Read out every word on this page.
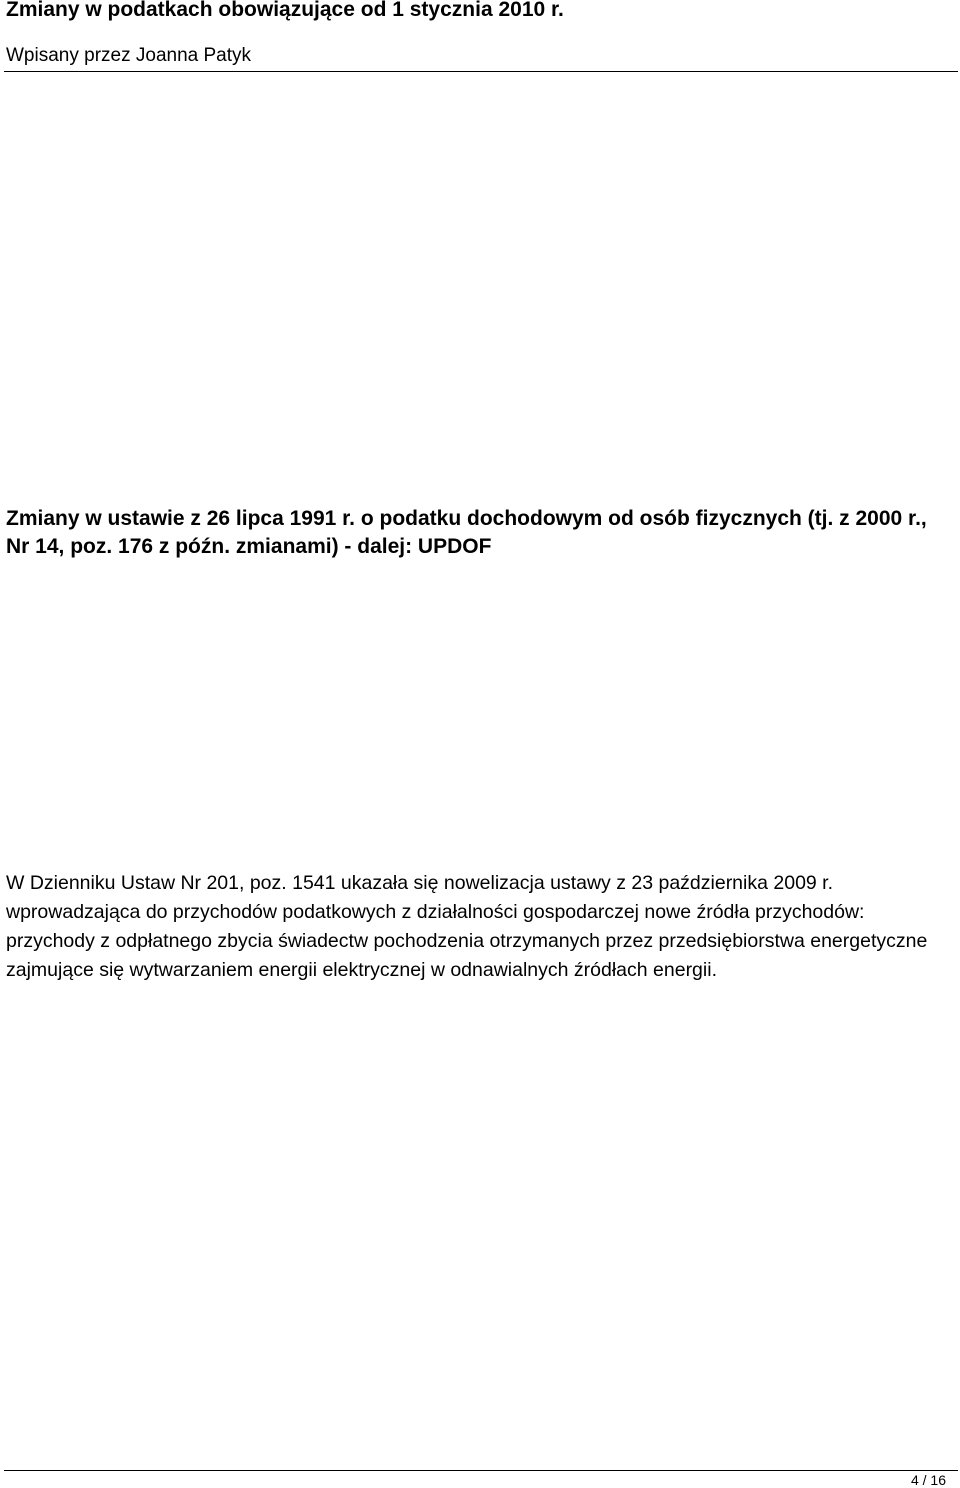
Zmiany w podatkach obowiązujące od 1 stycznia 2010 r.

Wpisany przez Joanna Patyk

Zmiany w ustawie z 26 lipca 1991 r. o podatku dochodowym od osób fizycznych (tj. z 2000 r., Nr 14, poz. 176 z późn. zmianami) - dalej: UPDOF

W Dzienniku Ustaw Nr 201, poz. 1541 ukazała się nowelizacja ustawy z 23 października 2009 r. wprowadzająca do przychodów podatkowych z działalności gospodarczej nowe źródła przychodów: przychody z odpłatnego zbycia świadectw pochodzenia otrzymanych przez przedsiębiorstwa energetyczne zajmujące się wytwarzaniem energii elektrycznej w odnawialnych źródłach energii.

4 / 16
